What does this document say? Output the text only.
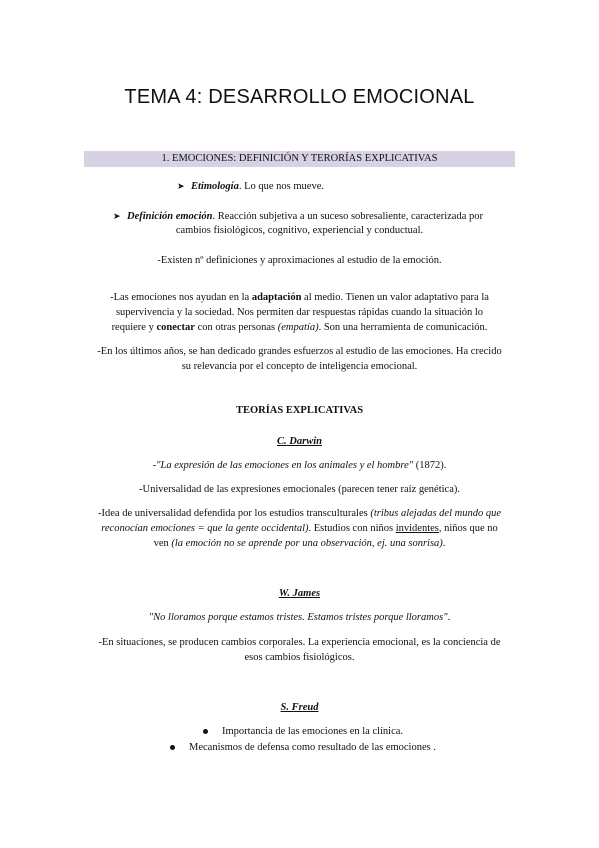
TEMA 4: DESARROLLO EMOCIONAL
1. EMOCIONES: DEFINICIÓN Y TERORÍAS EXPLICATIVAS
➤ Etimología. Lo que nos mueve.
➤ Definición emoción. Reacción subjetiva a un suceso sobresaliente, caracterizada por

cambios fisiológicos, cognitivo, experiencial y conductual.

-Existen nº definiciones y aproximaciones al estudio de la emoción.

-Las emociones nos ayudan en la adaptación al medio. Tienen un valor adaptativo para la

supervivencia y la sociedad. Nos permiten dar respuestas rápidas cuando la situación lo

requiere y conectar con otras personas (empatía). Son una herramienta de comunicación.

-En los últimos años, se han dedicado grandes esfuerzos al estudio de las emociones. Ha crecido

su relevancia por el concepto de inteligencia emocional.

TEORÍAS EXPLICATIVAS

C. Darwin

-"La expresión de las emociones en los animales y el hombre" (1872).

-Universalidad de las expresiones emocionales (parecen tener raíz genética).

-Idea de universalidad defendida por los estudios transculturales (tribus alejadas del mundo que

reconocían emociones = que la gente occidental). Estudios con niños invidentes, niños que no

ven (la emoción no se aprende por una observación, ej. una sonrisa).

W. James

"No lloramos porque estamos tristes. Estamos tristes porque lloramos".

-En situaciones, se producen cambios corporales. La experiencia emocional, es la conciencia de

esos cambios fisiológicos.

S. Freud

Importancia de las emociones en la clínica.
Mecanismos de defensa como resultado de las emociones .
